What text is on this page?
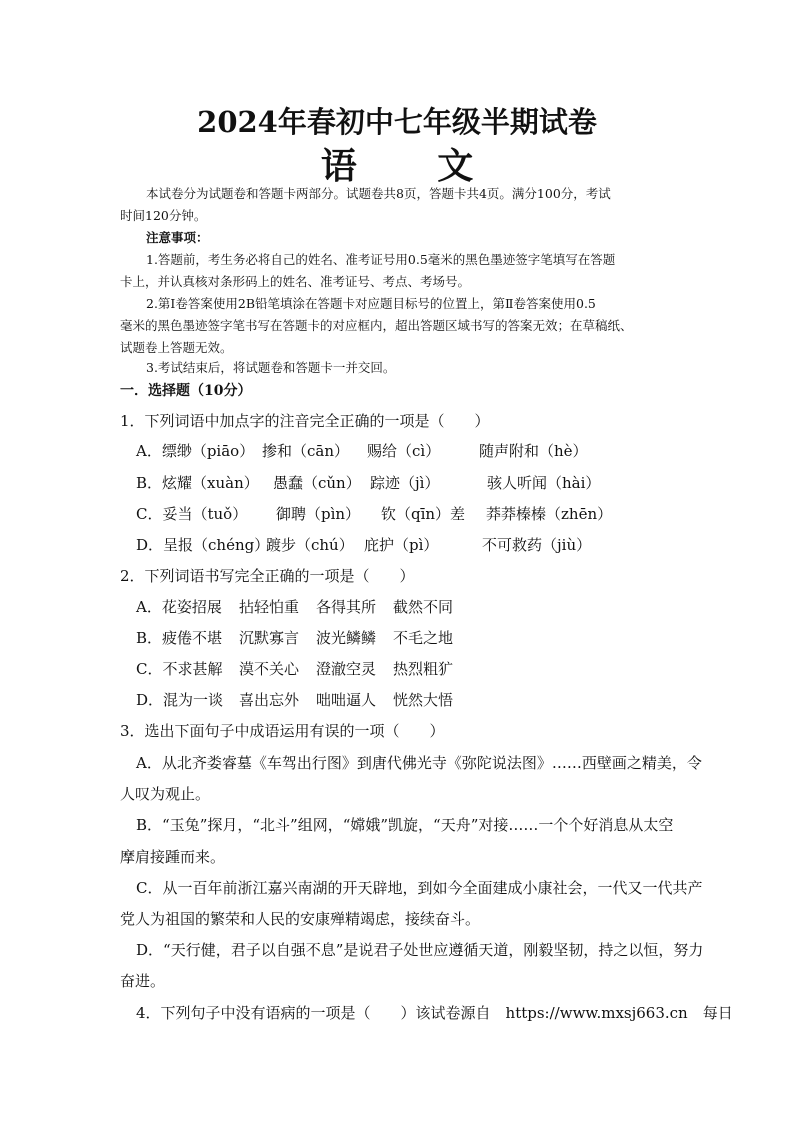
2024年春初中七年级半期试卷
语 文
本试卷分为试题卷和答题卡两部分。试题卷共8页，答题卡共4页。满分100分，考试
时间120分钟。
注意事项：
1.答题前，考生务必将自己的姓名、准考证号用0.5毫米的黑色墨迹签字笔填写在答题
卡上，并认真核对条形码上的姓名、准考证号、考点、考场号。
2.第Ⅰ卷答案使用2B铅笔填涂在答题卡对应题目标号的位置上，第Ⅱ卷答案使用0.5
毫米的黑色墨迹签字笔书写在答题卡的对应框内，超出答题区域书写的答案无效；在草稿纸、
试题卷上答题无效。
3.考试结束后，将试题卷和答题卡一并交回。
一．选择题（10分）
1．下列词语中加点字的注音完全正确的一项是（　　）
A．缥缈（piāo） 掺和（cān） 赐给（cì）	随声附和（hè）
B．炫耀（xuàn） 愚蠢（cǔn） 踪迹（jì）	骇人听闻（hài）
C．妥当（tuǒ） 御聘（pìn） 钦（qīn）差 莽莽榛榛（zhēn）
D．呈报（chéng）
踱步（chú） 庇护（pì）	不可救药（jiù）
2．下列词语书写完全正确的一项是（　　）
A．花姿招展 拈轻怕重 各得其所 截然不同
B．疲倦不堪 沉默寡言 波光鳞鳞 不毛之地
C．不求甚解 漠不关心 澄澈空灵 热烈粗犷
D．混为一谈 喜出忘外 咄咄逼人 恍然大悟
3．选出下面句子中成语运用有误的一项（　　）
A．从北齐娄睿墓《车驾出行图》到唐代佛光寺《弥陀说法图》……西壁画之精美，令
人叹为观止。
B．“玉兔”探月，“北斗”组网，“嫦娥”凯旋，“天舟”对接……一个个好消息从太空
摩肩接踵而来。
C．从一百年前浙江嘉兴南湖的开天辟地，到如今全面建成小康社会，一代又一代共产
党人为祖国的繁荣和人民的安康殚精竭虑，接续奋斗。
D．“天行健，君子以自强不息”是说君子处世应遵循天道，刚毅坚韧，持之以恒，努力
奋进。
4．下列句子中没有语病的一项是（　　）该试卷源自　https://www.mxsj663.cn　每日
